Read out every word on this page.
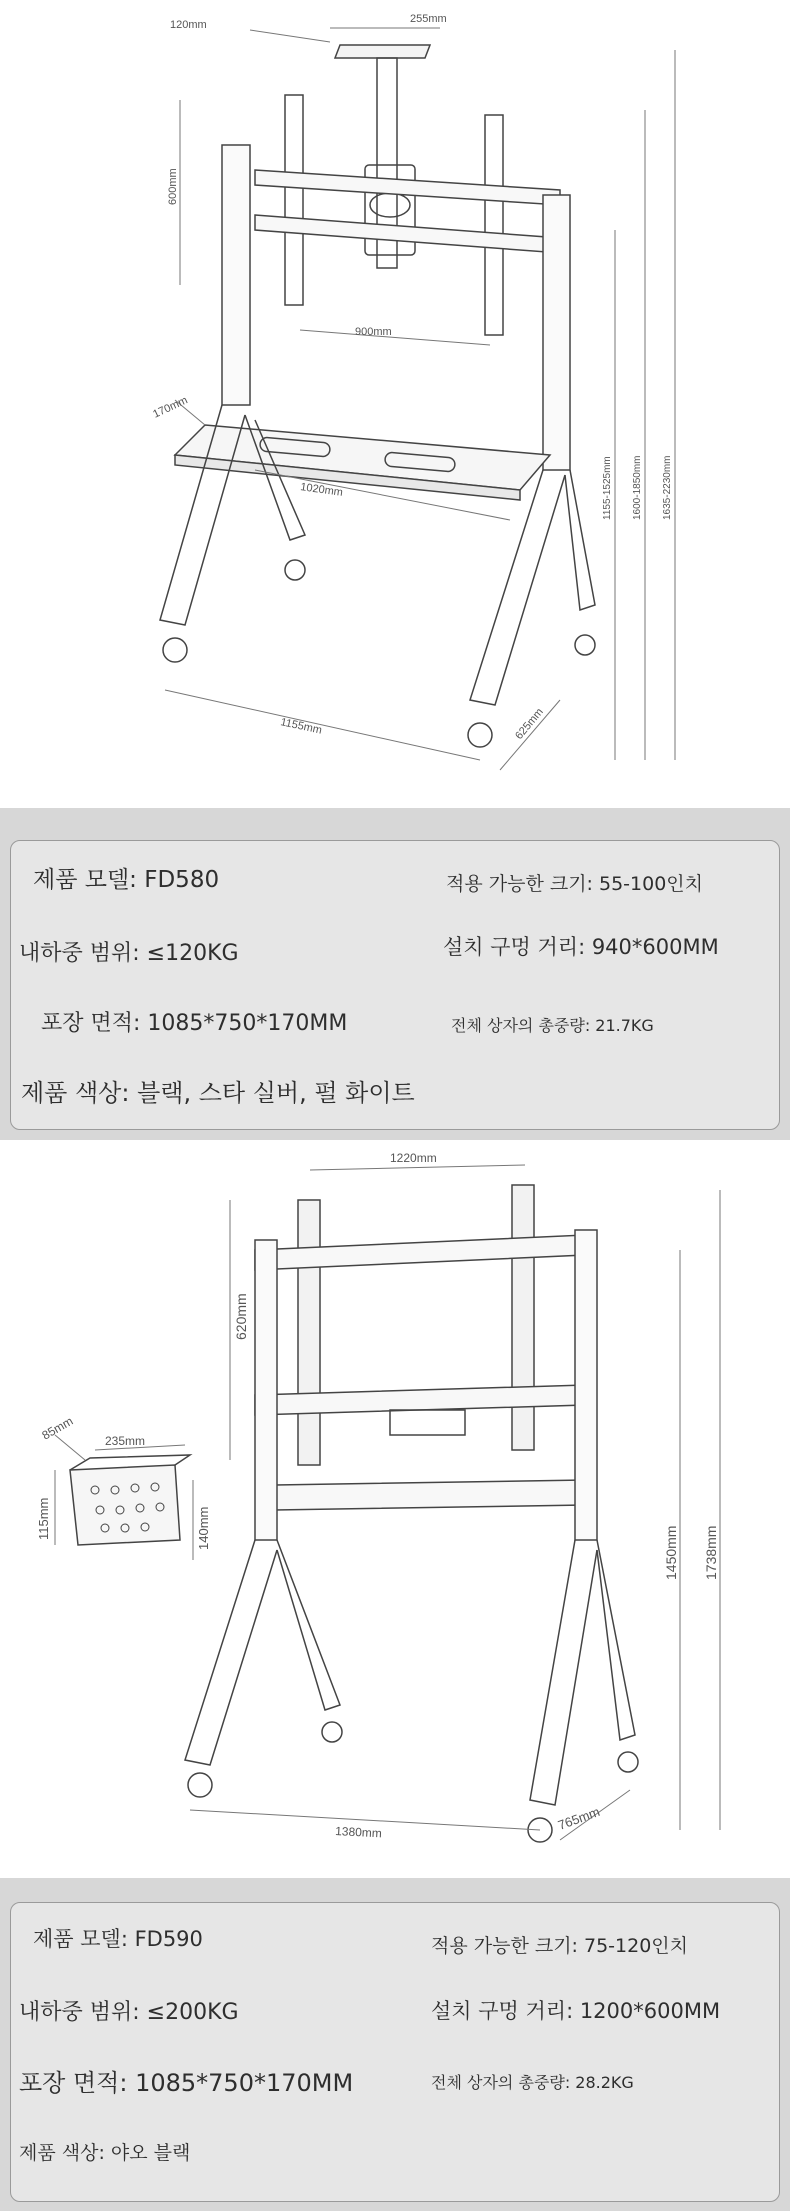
120mm	255mm
600mm
900mm
170mm
1020mm
1155mm	625mm
1155-1525mm 1600-1850mm 1635-2230mm
제품 모델: FD580	적용 가능한 크기: 55-100인치
내하중 범위: ≤120KG	설치 구멍 거리: 940*600MM
포장 면적: 1085*750*170MM	전체 상자의 총중량: 21.7KG
제품 색상: 블랙, 스타 실버, 펄 화이트
1220mm
620mm
85mm 235mm
115mm	140mm	1450mm 1738mm
1380mm	765mm
제품 모델: FD590	적용 가능한 크기: 75-120인치
내하중 범위: ≤200KG	설치 구멍 거리: 1200*600MM
포장 면적: 1085*750*170MM	전체 상자의 총중량: 28.2KG
제품 색상: 야오 블랙
